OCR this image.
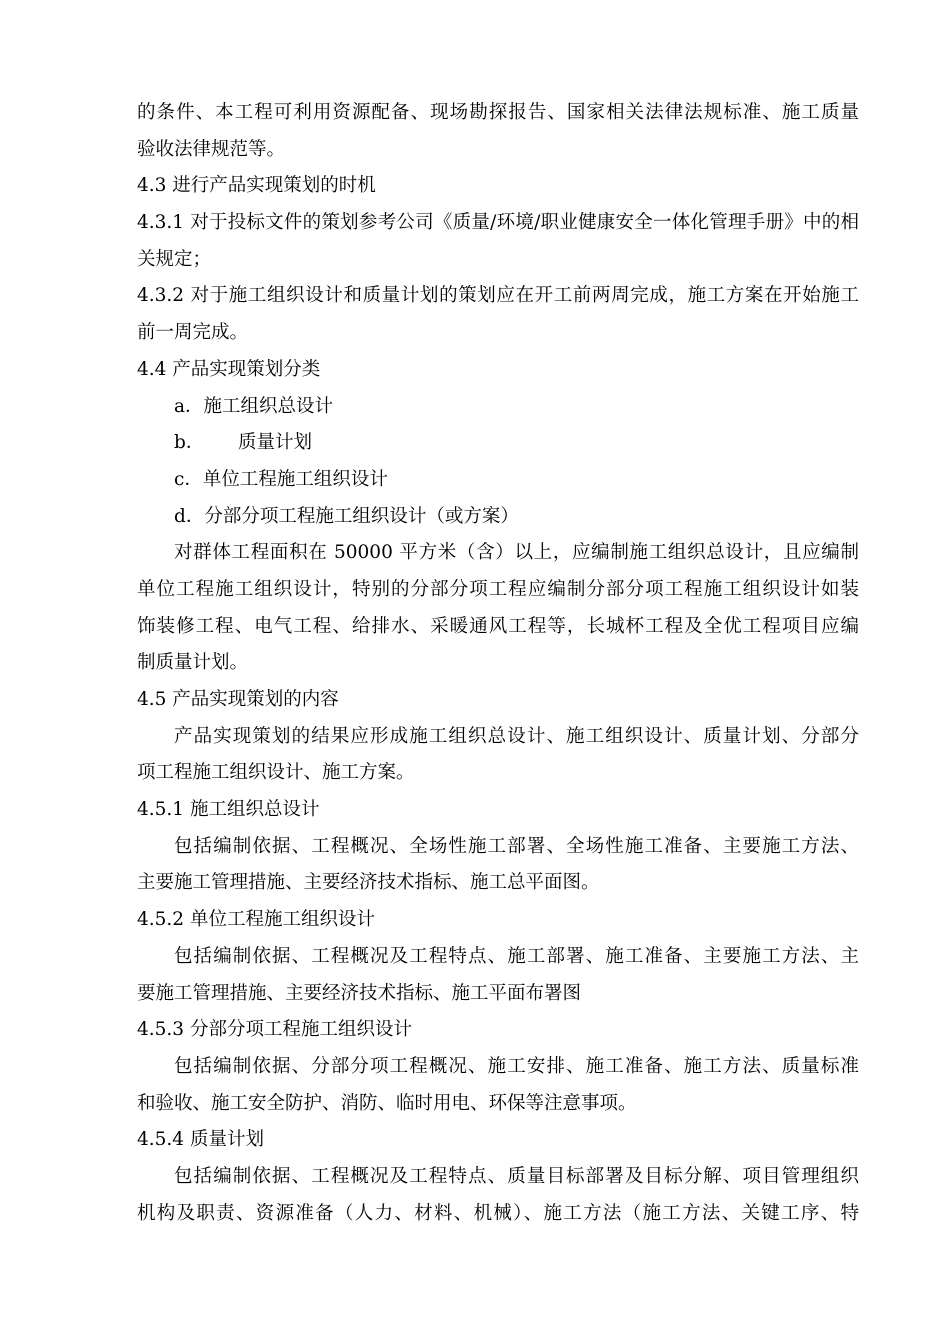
的条件、本工程可利用资源配备、现场勘探报告、国家相关法律法规标准、施工质量
验收法律规范等。
4.3 进行产品实现策划的时机
4.3.1 对于投标文件的策划参考公司《质量/环境/职业健康安全一体化管理手册》中的相
关规定；
4.3.2 对于施工组织设计和质量计划的策划应在开工前两周完成，施工方案在开始施工
前一周完成。
4.4 产品实现策划分类
a．施工组织总设计
b． 质量计划
c．单位工程施工组织设计
d．分部分项工程施工组织设计（或方案）
对群体工程面积在 50000 平方米（含）以上，应编制施工组织总设计，且应编制
单位工程施工组织设计，特别的分部分项工程应编制分部分项工程施工组织设计如装
饰装修工程、电气工程、给排水、采暖通风工程等，长城杯工程及全优工程项目应编
制质量计划。
4.5 产品实现策划的内容
产品实现策划的结果应形成施工组织总设计、施工组织设计、质量计划、分部分
项工程施工组织设计、施工方案。
4.5.1 施工组织总设计
包括编制依据、工程概况、全场性施工部署、全场性施工准备、主要施工方法、
主要施工管理措施、主要经济技术指标、施工总平面图。
4.5.2 单位工程施工组织设计
包括编制依据、工程概况及工程特点、施工部署、施工准备、主要施工方法、主
要施工管理措施、主要经济技术指标、施工平面布署图
4.5.3 分部分项工程施工组织设计
包括编制依据、分部分项工程概况、施工安排、施工准备、施工方法、质量标准
和验收、施工安全防护、消防、临时用电、环保等注意事项。
4.5.4 质量计划
包括编制依据、工程概况及工程特点、质量目标部署及目标分解、项目管理组织
机构及职责、资源准备（人力、材料、机械）、施工方法（施工方法、关键工序、特
